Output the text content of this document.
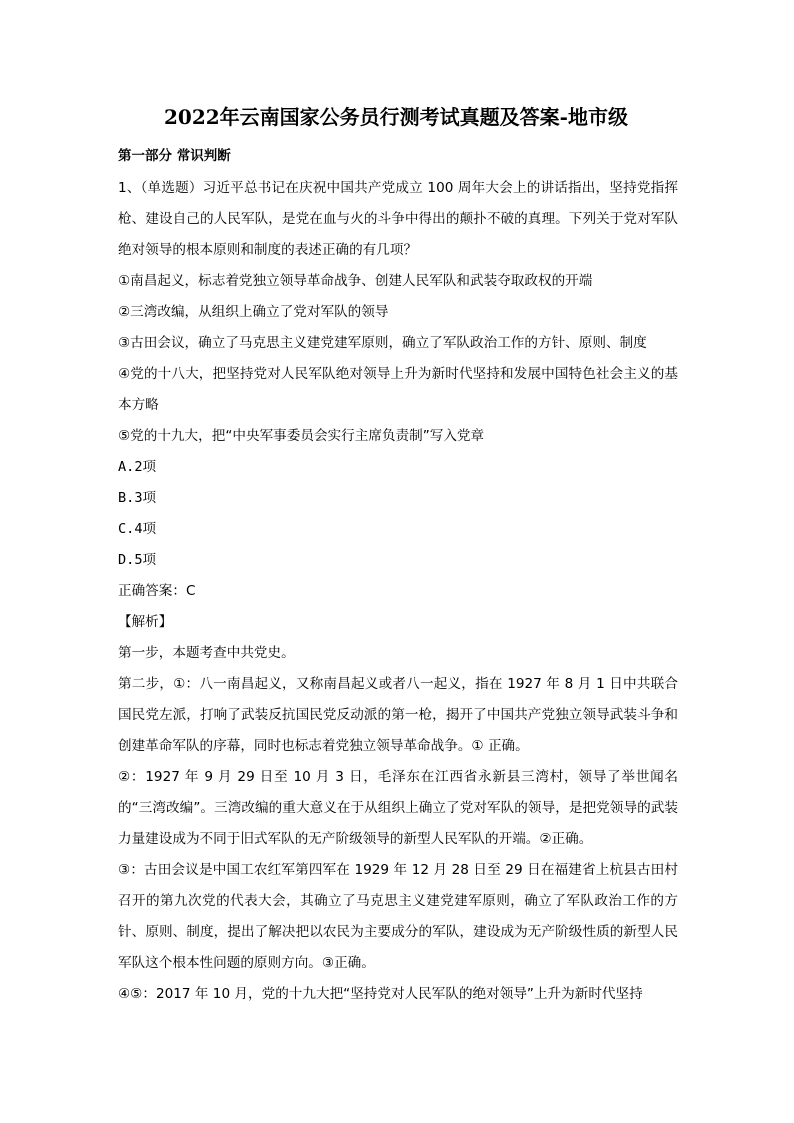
2022年云南国家公务员行测考试真题及答案-地市级
第一部分 常识判断

1、（单选题）习近平总书记在庆祝中国共产党成立 100 周年大会上的讲话指出，坚持党指挥枪、建设自己的人民军队，是党在血与火的斗争中得出的颠扑不破的真理。下列关于党对军队绝对领导的根本原则和制度的表述正确的有几项？

①南昌起义，标志着党独立领导革命战争、创建人民军队和武装夺取政权的开端

②三湾改编，从组织上确立了党对军队的领导

③古田会议，确立了马克思主义建党建军原则，确立了军队政治工作的方针、原则、制度

④党的十八大，把坚持党对人民军队绝对领导上升为新时代坚持和发展中国特色社会主义的基本方略

⑤党的十九大，把“中央军事委员会实行主席负责制”写入党章

A.2项

B.3项

C.4项

D.5项

正确答案：C

【解析】

第一步，本题考查中共党史。

第二步，①：八一南昌起义，又称南昌起义或者八一起义，指在 1927 年 8 月 1 日中共联合国民党左派，打响了武装反抗国民党反动派的第一枪，揭开了中国共产党独立领导武装斗争和创建革命军队的序幕，同时也标志着党独立领导革命战争。① 正确。

②：1927 年 9 月 29 日至 10 月 3 日，毛泽东在江西省永新县三湾村，领导了举世闻名的“三湾改编”。三湾改编的重大意义在于从组织上确立了党对军队的领导，是把党领导的武装力量建设成为不同于旧式军队的无产阶级领导的新型人民军队的开端。②正确。

③：古田会议是中国工农红军第四军在 1929 年 12 月 28 日至 29 日在福建省上杭县古田村召开的第九次党的代表大会，其确立了马克思主义建党建军原则，确立了军队政治工作的方针、原则、制度，提出了解决把以农民为主要成分的军队，建设成为无产阶级性质的新型人民军队这个根本性问题的原则方向。③正确。

④⑤：2017 年 10 月，党的十九大把“坚持党对人民军队的绝对领导”上升为新时代坚持
